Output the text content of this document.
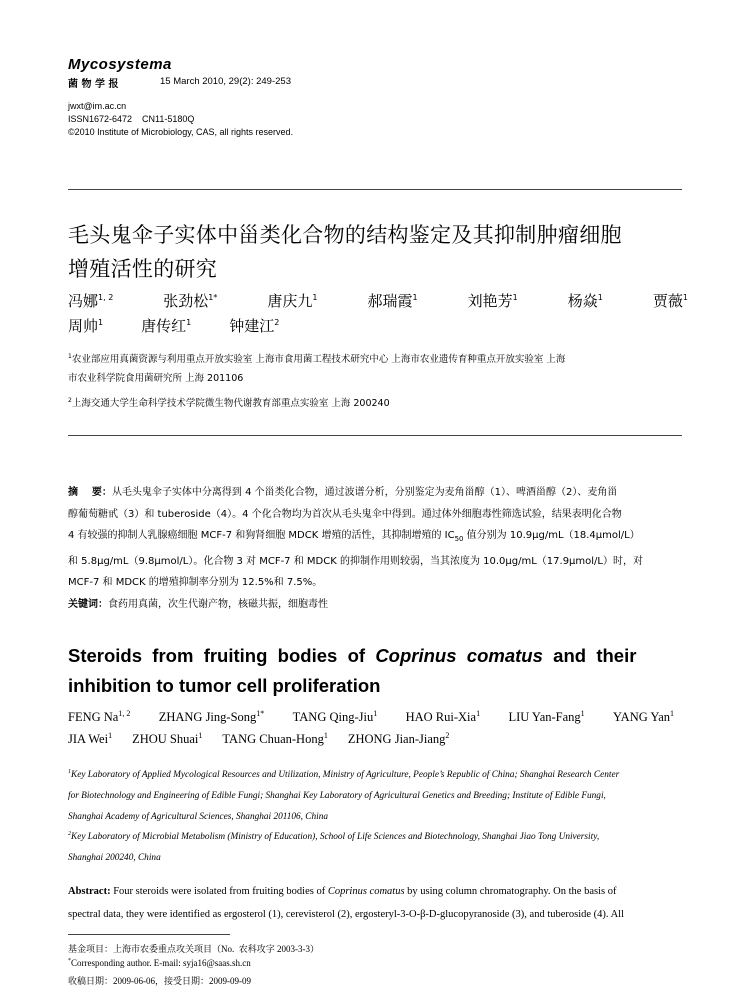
Mycosystema
菌 物 学 报	15 March 2010, 29(2): 249-253
jwxt@im.ac.cn
ISSN1672-6472    CN11-5180Q
©2010 Institute of Microbiology, CAS, all rights reserved.
毛头鬼伞子实体中甾类化合物的结构鉴定及其抑制肿瘤细胞
增殖活性的研究
冯娜$^{1, 2}$	张劲松$^{1*}$	唐庆九$^1$	郝瑞霞$^1$	刘艳芳$^1$	杨焱$^1$	贾薇$^1$
周帅$^1$	唐传红$^1$	钟建江$^2$
$^1$农业部应用真菌资源与利用重点开放实验室 上海市食用菌工程技术研究中心 上海市农业遗传育种重点开放实验室 上海
市农业科学院食用菌研究所 上海 201106
$^2$上海交通大学生命科学技术学院微生物代谢教育部重点实验室 上海 200240
摘    要：从毛头鬼伞子实体中分离得到 4 个甾类化合物，通过波谱分析，分别鉴定为麦角甾醇（1）、啤酒甾醇（2）、麦角甾
醇葡萄糖甙（3）和 tuberoside（4）。4 个化合物均为首次从毛头鬼伞中得到。通过体外细胞毒性筛选试验，结果表明化合物
4 有较强的抑制人乳腺癌细胞 MCF-7 和狗肾细胞 MDCK 增殖的活性，其抑制增殖的 $IC_{50}$ 值分别为 10.9μg/mL（18.4μmol/L）
和 5.8μg/mL（9.8μmol/L）。化合物 3 对 MCF-7 和 MDCK 的抑制作用则较弱，当其浓度为 10.0μg/mL（17.9μmol/L）时，对
MCF-7 和 MDCK 的增殖抑制率分别为 12.5%和 7.5%。
关键词：食药用真菌，次生代谢产物，核磁共振，细胞毒性
Steroids  from  fruiting  bodies  of  Coprinus  comatus  and  their
inhibition to tumor cell proliferation
FENG Na$^{1, 2}$ ZHANG Jing-Song$^{1*}$ TANG Qing-Jiu$^1$ HAO Rui-Xia$^1$ LIU Yan-Fang$^1$ YANG Yan$^1$
JIA Wei$^1$ ZHOU Shuai$^1$ TANG Chuan-Hong$^1$ ZHONG Jian-Jiang$^2$
$^1$Key Laboratory of Applied Mycological Resources and Utilization, Ministry of Agriculture, People’s Republic of China; Shanghai Research Center
for Biotechnology and Engineering of Edible Fungi; Shanghai Key Laboratory of Agricultural Genetics and Breeding; Institute of Edible Fungi,
Shanghai Academy of Agricultural Sciences, Shanghai 201106, China
$^2$Key Laboratory of Microbial Metabolism (Ministry of Education), School of Life Sciences and Biotechnology, Shanghai Jiao Tong University,
Shanghai 200240, China
Abstract: Four steroids were isolated from fruiting bodies of Coprinus comatus by using column chromatography. On the basis of
spectral data, they were identified as ergosterol (1), cerevisterol (2), ergosteryl-3-O-β-D-glucopyranoside (3), and tuberoside (4). All
基金项目：上海市农委重点攻关项目（No.  农科攻字 2003-3-3）
*Corresponding author. E-mail: syja16@saas.sh.cn
收稿日期：2009-06-06，接受日期：2009-09-09
